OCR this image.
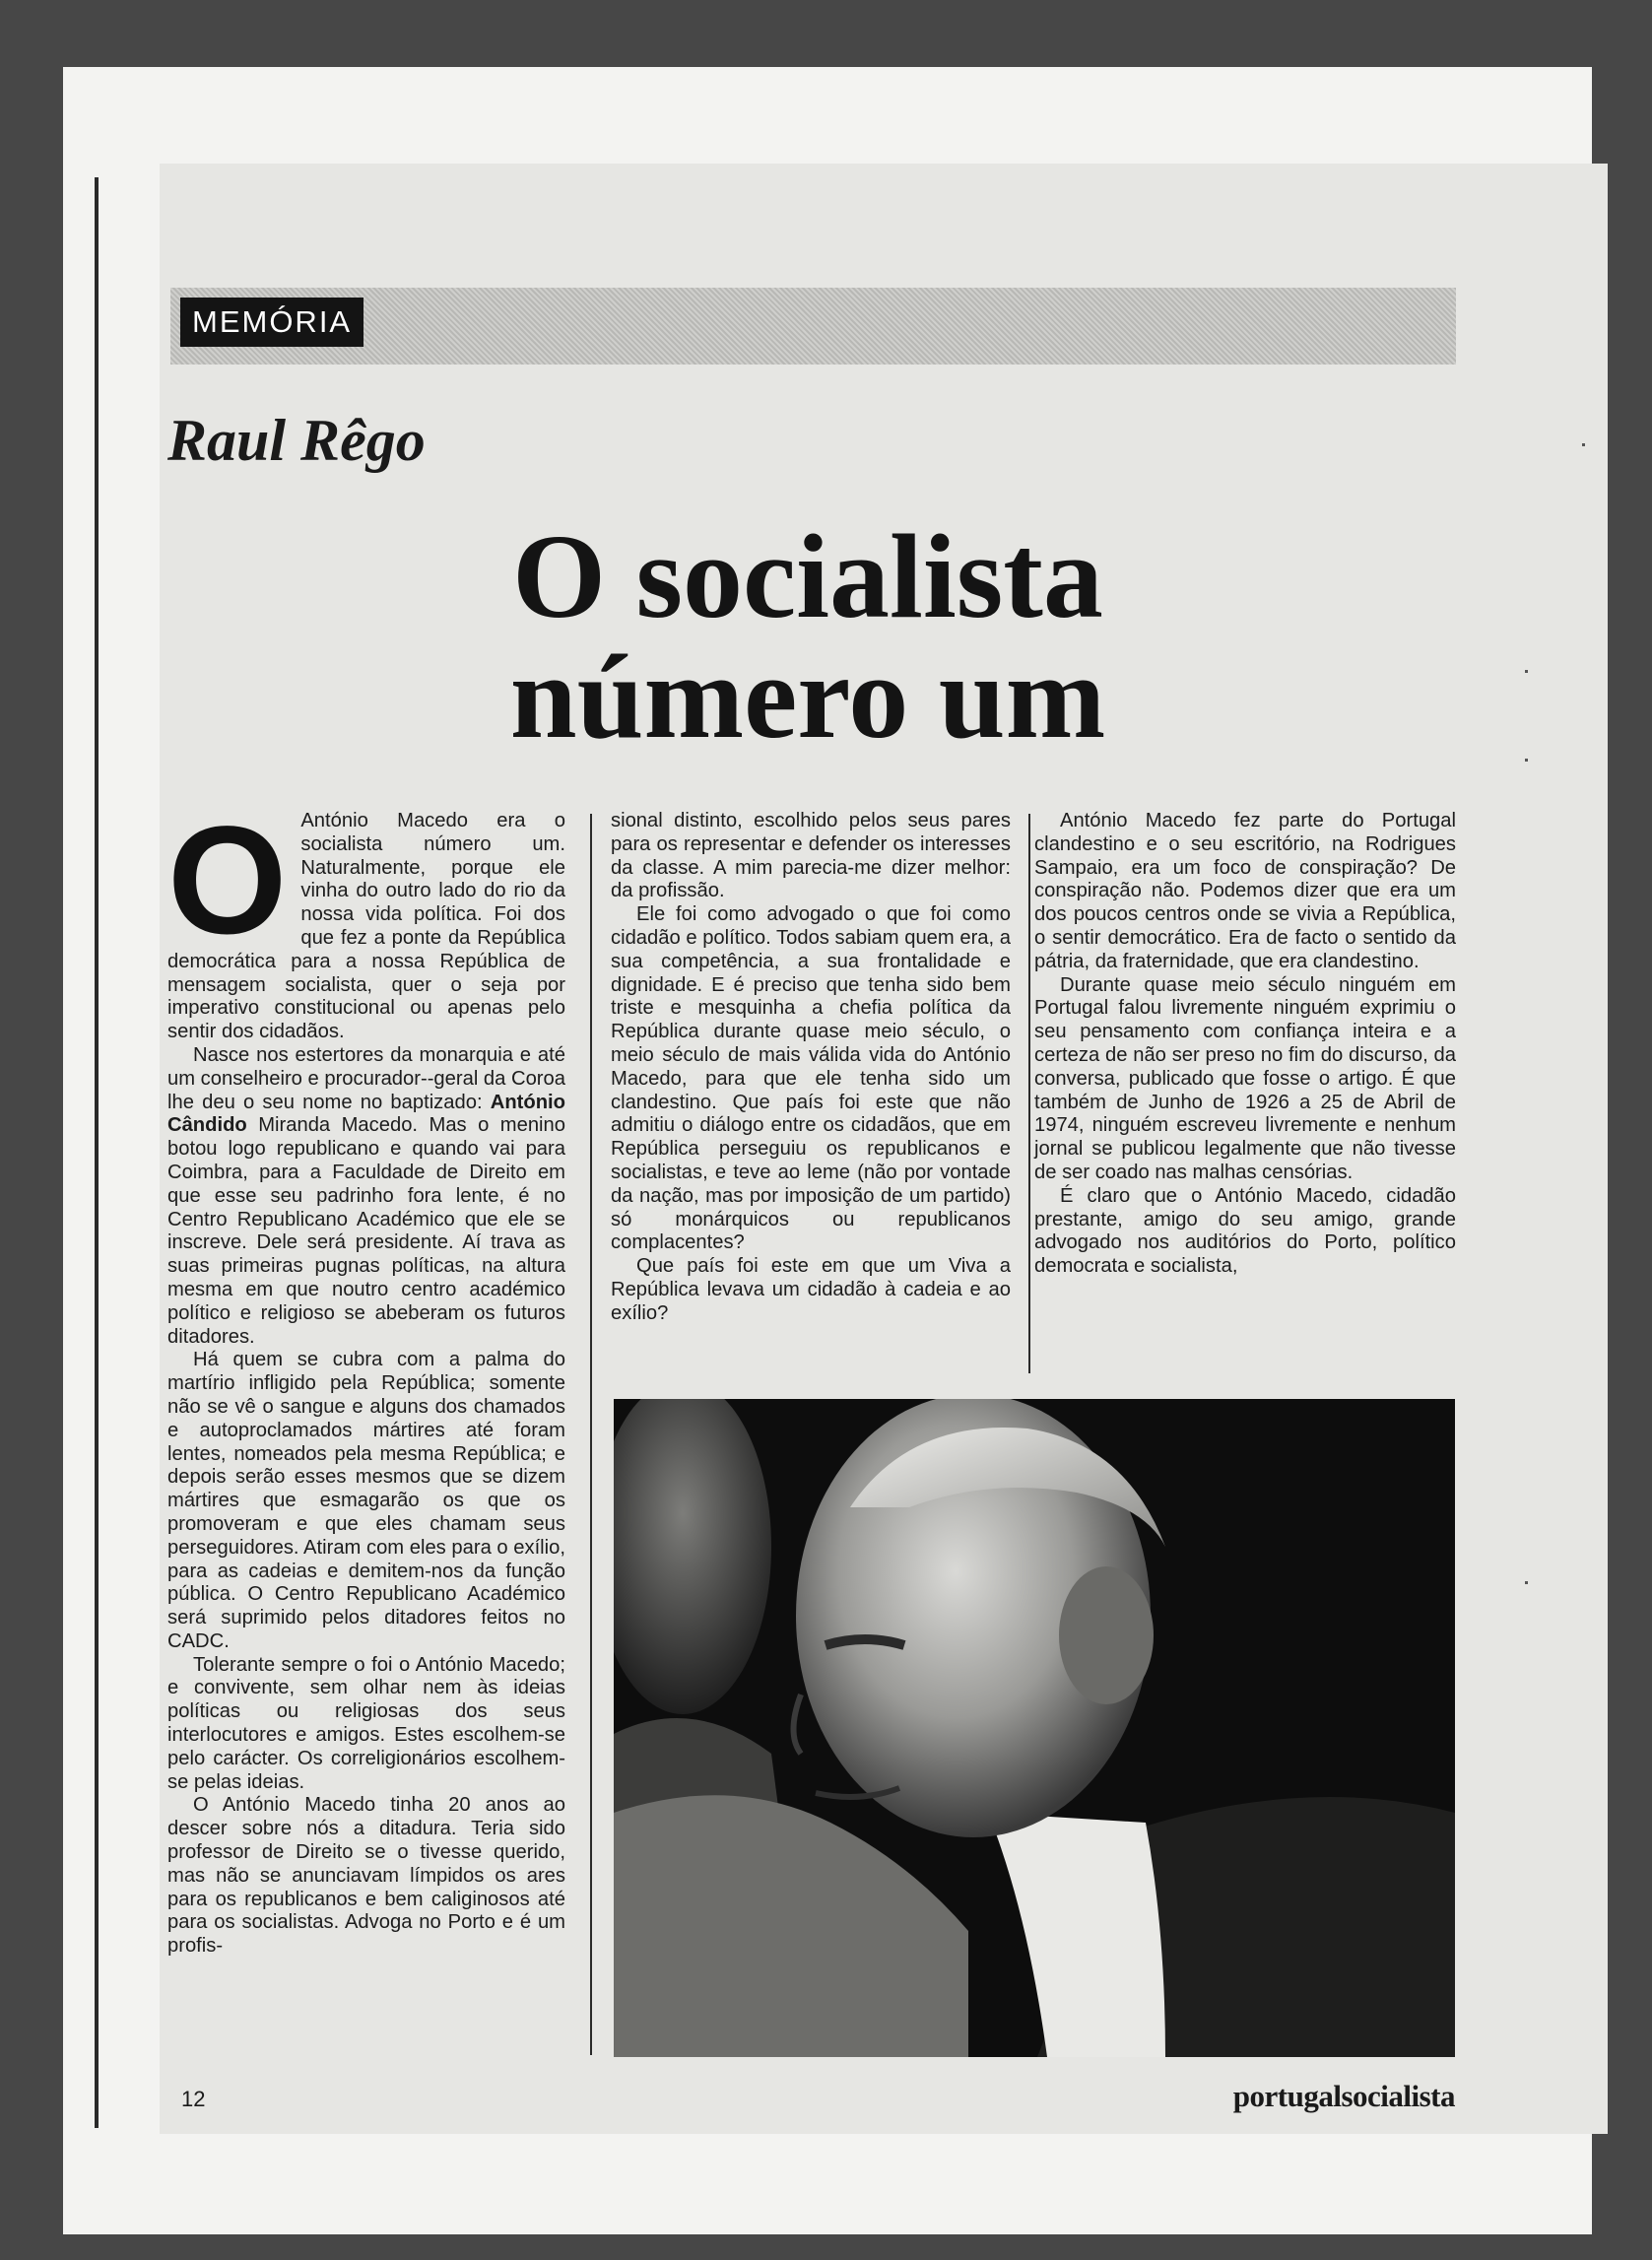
MEMÓRIA
Raul Rêgo
O socialista
número um

O António Macedo era o socialista número um. Naturalmente, porque ele vinha do outro lado do rio da nossa vida política. Foi dos que fez a ponte da República democrática para a nossa República de mensagem socialista, quer o seja por imperativo constitucional ou apenas pelo sentir dos cidadãos.

Nasce nos estertores da monarquia e até um conselheiro e procurador--geral da Coroa lhe deu o seu nome no baptizado: António Cândido Miranda Macedo. Mas o menino botou logo republicano e quando vai para Coimbra, para a Faculdade de Direito em que esse seu padrinho fora lente, é no Centro Republicano Académico que ele se inscreve. Dele será presidente. Aí trava as suas primeiras pugnas políticas, na altura mesma em que noutro centro académico político e religioso se abeberam os futuros ditadores.

Há quem se cubra com a palma do martírio infligido pela República; somente não se vê o sangue e alguns dos chamados e autoproclamados mártires até foram lentes, nomeados pela mesma República; e depois serão esses mesmos que se dizem mártires que esmagarão os que os promoveram e que eles chamam seus perseguidores. Atiram com eles para o exílio, para as cadeias e demitem-nos da função pública. O Centro Republicano Académico será suprimido pelos ditadores feitos no CADC.

Tolerante sempre o foi o António Macedo; e convivente, sem olhar nem às ideias políticas ou religiosas dos seus interlocutores e amigos. Estes escolhem-se pelo carácter. Os correligionários escolhem-se pelas ideias.

O António Macedo tinha 20 anos ao descer sobre nós a ditadura. Teria sido professor de Direito se o tivesse querido, mas não se anunciavam límpidos os ares para os republicanos e bem caliginosos até para os socialistas. Advoga no Porto e é um profis-

sional distinto, escolhido pelos seus pares para os representar e defender os interesses da classe. A mim parecia-me dizer melhor: da profissão.

Ele foi como advogado o que foi como cidadão e político. Todos sabiam quem era, a sua competência, a sua frontalidade e dignidade. E é preciso que tenha sido bem triste e mesquinha a chefia política da República durante quase meio século, o meio século de mais válida vida do António Macedo, para que ele tenha sido um clandestino. Que país foi este que não admitiu o diálogo entre os cidadãos, que em República perseguiu os republicanos e socialistas, e teve ao leme (não por vontade da nação, mas por imposição de um partido) só monárquicos ou republicanos complacentes?

Que país foi este em que um Viva a República levava um cidadão à cadeia e ao exílio?

António Macedo fez parte do Portugal clandestino e o seu escritório, na Rodrigues Sampaio, era um foco de conspiração? De conspiração não. Podemos dizer que era um dos poucos centros onde se vivia a República, o sentir democrático. Era de facto o sentido da pátria, da fraternidade, que era clandestino.

Durante quase meio século ninguém em Portugal falou livremente ninguém exprimiu o seu pensamento com confiança inteira e a certeza de não ser preso no fim do discurso, da conversa, publicado que fosse o artigo. É que também de Junho de 1926 a 25 de Abril de 1974, ninguém escreveu livremente e nenhum jornal se publicou legalmente que não tivesse de ser coado nas malhas censórias.

É claro que o António Macedo, cidadão prestante, amigo do seu amigo, grande advogado nos auditórios do Porto, político democrata e socialista,

12	portugalsocialista
